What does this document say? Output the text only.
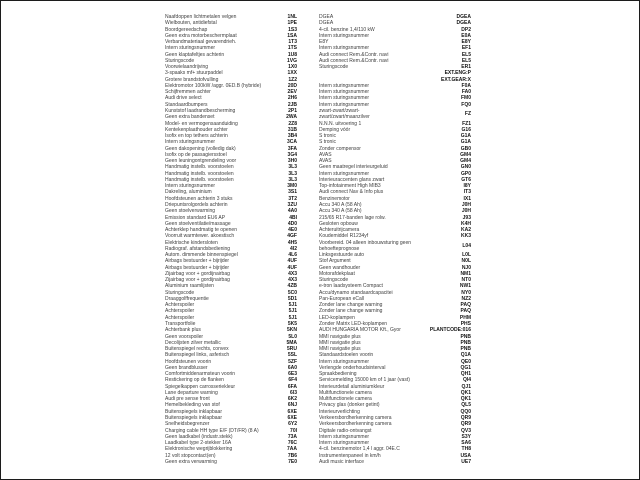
Naafdoppen lichtmetalen velgen	1NL	DGEA	DGEA
Wielbouten, antidiefstal	1PE	DGEA	DGEA
Boordgereedschap	1S3	4-cil. benzine 1,4/110 kW	DP2
Geen extra motorbeschermplaat	1SA	Intern sturingsnummer	E0A
Verbandmateriaal gevarendrieh.	1T3	E8Y	E8Y
Intern sturingsnummer	1TS	Intern sturingsnummer	EF1
Geen klaptafeltjes achterin	1U8	Audi connect Rem.&Contr. navi	EL5
Sturingscode	1VG	Audi connect Rem.&Contr. navi	EL5
Voorwielaandrijving	1X0	Sturingscode	ER1
3-spaaks mf+ stuurpaddel	1XX	EXT.ENG:P
Grotere brandstofvulling	1Z2	EXT.GEAR:X
Elektromotor 100kW /aggr. 0ED.B (hybride)	20D	Intern sturingsnummer	F0A
Schijfremmen achter	2EV	Intern sturingsnummer	FA0
Audi drive select	2H6	Intern sturingsnummer	FM0
Standaardbumpers	2JB	Intern sturingsnummer	FQ0
Kunststof laadrandbescherming	2P1	zwart-zwart/zwart-
Geen extra bandenset	2WA	zwart/zwart/maanzilver	FZ
Model- en vermogensaanduiding	2Z8	N.N.N. uitvoering 1	FZ1
Kentekenplaathouder achter	31B	Demping vóór	G16
Isofix en top tethers achterin	3B4	S tronic	G1A
Intern sturingsnummer	3CA	S tronic	G1A
Geen dakopening (volledig dak)	3FA	Zonder compensor	GB0
Isofix op de passagiersstoel	3G4	AVAS	GM4
Geen leuningontgrendeling voor	3H0	AVAS	GM4
Handmatig instelb. voorstoelen	3L3	Geen maatregel interieurgeluid	GN0
Handmatig instelb. voorstoelen	3L3	Intern sturingsnummer	GP0
Handmatig instelb. voorstoelen	3L3	Interieuraccenten glans zwart	GT6
Intern sturingsnummer	3M0	Top-infotainment High MIB3	I8Y
Dakreling, aluminium	3S1	Audi connect Nav & Info plus	IT3
Hoofdsteunen achterin 3 stuks	3T2	Benzinemotor	IX1
Driepuntsrolgordels achterin	3ZU	Accu 340 A (58 Ah)	J0H
Geen stoelverwarming	4A0	Accu 340 A (58 Ah)	J0H
Emission standard EU6 AP	4BI	215/65 R17-banden lage rolw.	J93
Geen stoelventilatie/massage	4D0	Gesloten opbouw	K4H
Achterklep handmatig te openen	4E0	Achteruitrijcamera	KA2
Voorruit warmtewer. akoestisch	4GF	Koudemiddel R1234yf	KK3
Elektrische kindersloten	4H5	Voorbereid. 04 alleen inbouwsturing geen
Radiograf. afstandsbediening	4I2	behoefteprognose	L04
Autom. dimmende binnenspiegel	4L6	Linksgestuurde auto	L0L
Airbags bestuurder + bijrijder	4UF	Stof Argument	N0L
Airbags bestuurder + bijrijder	4UF	Geen wandhouder	NJ0
Zijairbag voor + gordijnairbag	4X3	Motorafdekplaat	NM1
Zijairbag voor + gordijnairbag	4X3	Sturingscode	NT0
Aluminium raamlijsten	4ZB	e-tron laadsysteem Compact	NW1
Sturingscode	5C0	Accu/dynamo standaardcapacitei	NY0
Draaggolffrequentie	5D1	Pan-European eCall	NZ2
Achterspoiler	5J1	Zonder lane change warning	PAQ
Achterspoiler	5J1	Zonder lane change warning	PAQ
Achterspoiler	5J1	LED-koplampen	PHM
Transportfolie	5K5	Zonder Matrix LED-koplampen	PHS
Achterbank plus	5KN	AUDI HUNGARIA MOTOR Kft., Gyor	PLANTCODE:016
Geen voorspoiler	5L0	MMI navigatie plus	PNB
Decolijsten zilver metallic	5MA	MMI navigatie plus	PNB
Buitenspiegel rechts, convex	5RU	MMI navigatie plus	PNB
Buitenspiegel links, asferisch	5SL	Standaardstoelen voorin	Q1A
Hoofdsteunen voorin	5ZF	Intern sturingsnummer	QE0
Geen brandblusser	6A0	Verlengde onderhoudsinterval	QG1
Comfortmiddenarmsteun voorin	6E3	Spraakbediening	QH1
Restickering op de flanken	6F4	Servicemelding 15000 km of 1 jaar (vast)	QI4
Spiegelkappen carrosseriekleur	6FA	Interieurdetail aluminiumkleur	QJ1
Lane departure warning	6I3	Multifunctionele camera	QK1
Audi pre sense front	6K2	Multifunctionele camera	QK1
Hemelbekleding van stof	6NJ	Privacy glas (donker getint)	QL5
Buitenspiegels inklapbaar	6XE	Interieurverlichting	QQ0
Buitenspiegels inklapbaar	6XE	Verkeersbordherkenning camera	QR9
Snelheidsbegrenzer	6Y2	Verkeersbordherkenning camera	QR9
Charging cable HH type E/F (DT/FR) (8 A)	70I	Digitale radio-ontvangst	QV3
Geen laadkabel (industr.stekk)	73A	Intern sturingsnummer	S3Y
Laadkabel type 2-stekker 16A	76C	Intern sturingsnummer	SA6
Elektronische wegrijblokkering	7AA	4-cil. benzinemotor 1,4 l aggr. 04E.C	TH8
12 volt stopcontact(en)	7B6	Instrumentenpaneel in km/h	USA
Geen extra verwarming	7E0	Audi music interface	UE7
